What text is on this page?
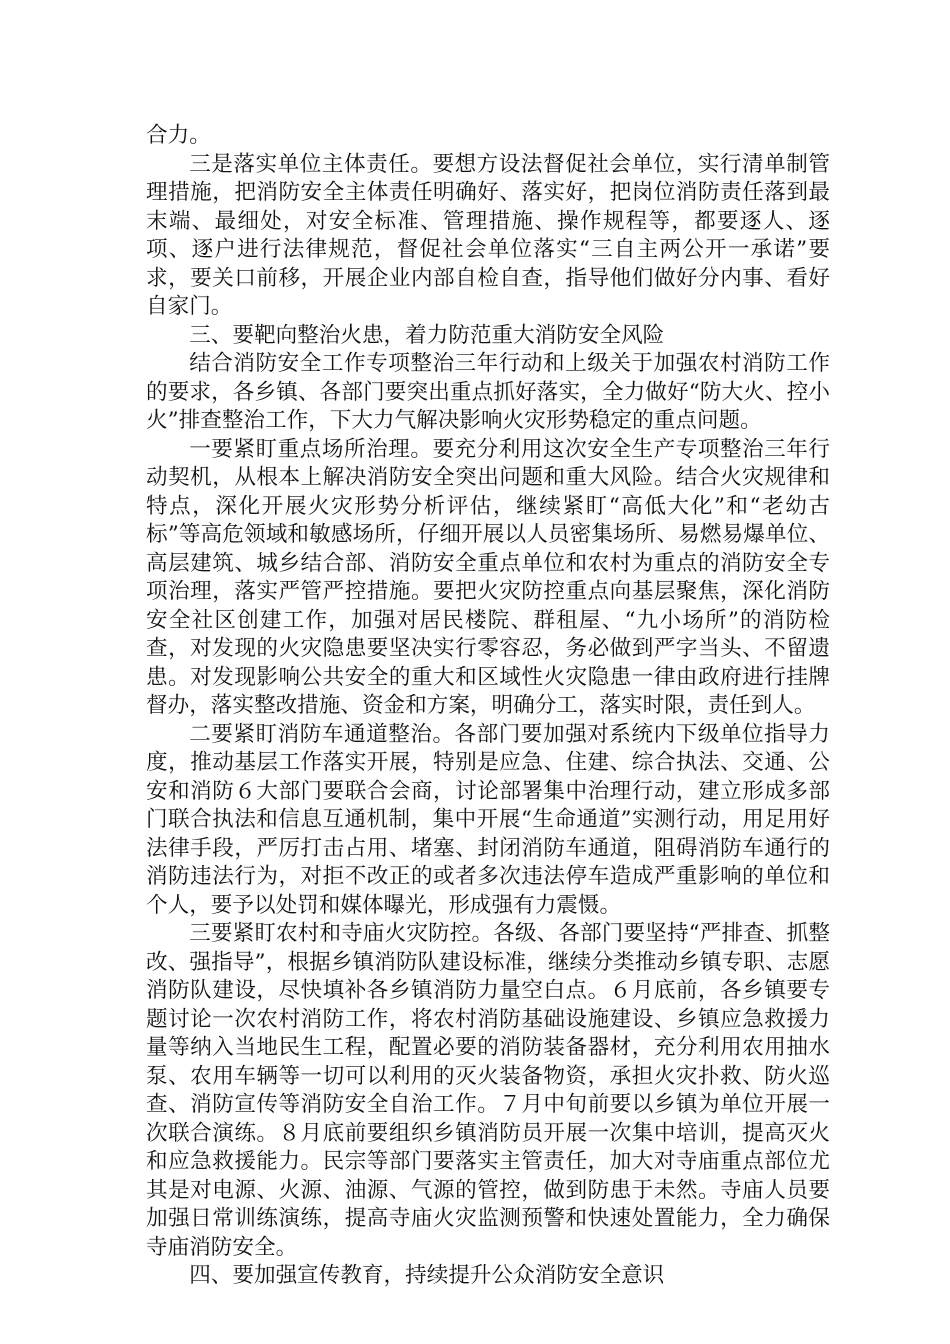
合力。

三是落实单位主体责任。要想方设法督促社会单位，实行清单制管理措施，把消防安全主体责任明确好、落实好，把岗位消防责任落到最末端、最细处，对安全标准、管理措施、操作规程等，都要逐人、逐项、逐户进行法律规范，督促社会单位落实“三自主两公开一承诺”要求，要关口前移，开展企业内部自检自查，指导他们做好分内事、看好自家门。

三、要靶向整治火患，着力防范重大消防安全风险

结合消防安全工作专项整治三年行动和上级关于加强农村消防工作的要求，各乡镇、各部门要突出重点抓好落实，全力做好“防大火、控小火”排查整治工作，下大力气解决影响火灾形势稳定的重点问题。

一要紧盯重点场所治理。要充分利用这次安全生产专项整治三年行动契机，从根本上解决消防安全突出问题和重大风险。结合火灾规律和特点，深化开展火灾形势分析评估，继续紧盯“高低大化”和“老幼古标”等高危领域和敏感场所，仔细开展以人员密集场所、易燃易爆单位、高层建筑、城乡结合部、消防安全重点单位和农村为重点的消防安全专项治理，落实严管严控措施。要把火灾防控重点向基层聚焦，深化消防安全社区创建工作，加强对居民楼院、群租屋、“九小场所”的消防检查，对发现的火灾隐患要坚决实行零容忍，务必做到严字当头、不留遗患。对发现影响公共安全的重大和区域性火灾隐患一律由政府进行挂牌督办，落实整改措施、资金和方案，明确分工，落实时限，责任到人。

二要紧盯消防车通道整治。各部门要加强对系统内下级单位指导力度，推动基层工作落实开展，特别是应急、住建、综合执法、交通、公安和消防６大部门要联合会商，讨论部署集中治理行动，建立形成多部门联合执法和信息互通机制，集中开展“生命通道”实测行动，用足用好法律手段，严厉打击占用、堵塞、封闭消防车通道，阻碍消防车通行的消防违法行为，对拒不改正的或者多次违法停车造成严重影响的单位和个人，要予以处罚和媒体曝光，形成强有力震慑。

三要紧盯农村和寺庙火灾防控。各级、各部门要坚持“严排查、抓整改、强指导”，根据乡镇消防队建设标准，继续分类推动乡镇专职、志愿消防队建设，尽快填补各乡镇消防力量空白点。６月底前，各乡镇要专题讨论一次农村消防工作，将农村消防基础设施建设、乡镇应急救援力量等纳入当地民生工程，配置必要的消防装备器材，充分利用农用抽水泵、农用车辆等一切可以利用的灭火装备物资，承担火灾扑救、防火巡查、消防宣传等消防安全自治工作。７月中旬前要以乡镇为单位开展一次联合演练。８月底前要组织乡镇消防员开展一次集中培训，提高灭火和应急救援能力。民宗等部门要落实主管责任，加大对寺庙重点部位尤其是对电源、火源、油源、气源的管控，做到防患于未然。寺庙人员要加强日常训练演练，提高寺庙火灾监测预警和快速处置能力，全力确保寺庙消防安全。

四、要加强宣传教育，持续提升公众消防安全意识
